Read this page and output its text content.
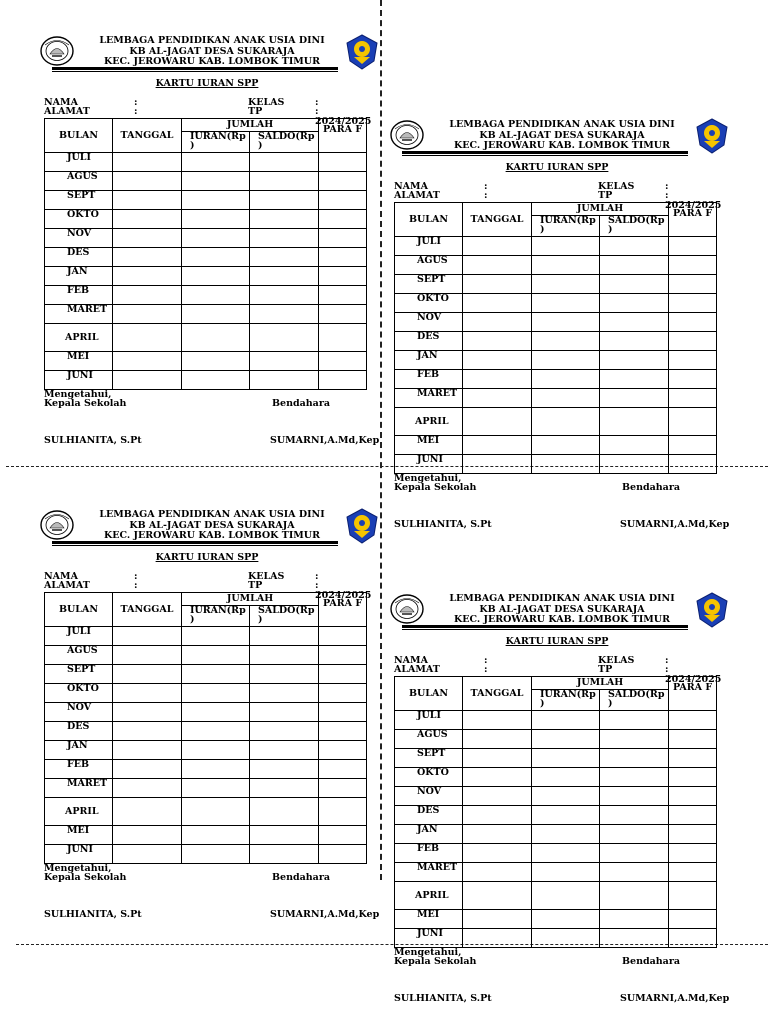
LEMBAGA PENDIDIKAN ANAK USIA DINI
KB AL-JAGAT DESA SUKARAJA
KEC. JEROWARU KAB. LOMBOK TIMUR
KARTU IURAN SPP
NAMA
ALAMAT
:
:
KELAS
TP
:
: 2024/2025
BULAN	TANGGAL	JUMLAH		PARA F
		IURAN(Rp )	SALDO(Rp )	
JULI				
AGUS				
SEPT				
OKTO				
NOV				
DES				
JAN				
FEB				
MARET				
APRIL				
MEI				
JUNI				
Mengetahui,
Kepala Sekolah	Bendahara
SULHIANITA, S.Pt	SUMARNI,A.Md,Kep
LEMBAGA PENDIDIKAN ANAK USIA DINI
KB AL-JAGAT DESA SUKARAJA
KEC. JEROWARU KAB. LOMBOK TIMUR
KARTU IURAN SPP
NAMA
ALAMAT
:
:
KELAS
TP
:
: 2024/2025
BULAN	TANGGAL	JUMLAH		PARA F
		IURAN(Rp )	SALDO(Rp )	
JULI				
AGUS				
SEPT				
OKTO				
NOV				
DES				
JAN				
FEB				
MARET				
APRIL				
MEI				
JUNI				
Mengetahui,
Kepala Sekolah	Bendahara
SULHIANITA, S.Pt	SUMARNI,A.Md,Kep
LEMBAGA PENDIDIKAN ANAK USIA DINI
KB AL-JAGAT DESA SUKARAJA
KEC. JEROWARU KAB. LOMBOK TIMUR
KARTU IURAN SPP
NAMA
ALAMAT
:
:
KELAS
TP
:
: 2024/2025
BULAN	TANGGAL	JUMLAH		PARA F
		IURAN(Rp )	SALDO(Rp )	
JULI				
AGUS				
SEPT				
OKTO				
NOV				
DES				
JAN				
FEB				
MARET				
APRIL				
MEI				
JUNI				
Mengetahui,
Kepala Sekolah	Bendahara
SULHIANITA, S.Pt	SUMARNI,A.Md,Kep
LEMBAGA PENDIDIKAN ANAK USIA DINI
KB AL-JAGAT DESA SUKARAJA
KEC. JEROWARU KAB. LOMBOK TIMUR
KARTU IURAN SPP
NAMA
ALAMAT
:
:
KELAS
TP
:
: 2024/2025
BULAN	TANGGAL	JUMLAH		PARA F
		IURAN(Rp )	SALDO(Rp )	
JULI				
AGUS				
SEPT				
OKTO				
NOV				
DES				
JAN				
FEB				
MARET				
APRIL				
MEI				
JUNI				
Mengetahui,
Kepala Sekolah	Bendahara
SULHIANITA, S.Pt	SUMARNI,A.Md,Kep
